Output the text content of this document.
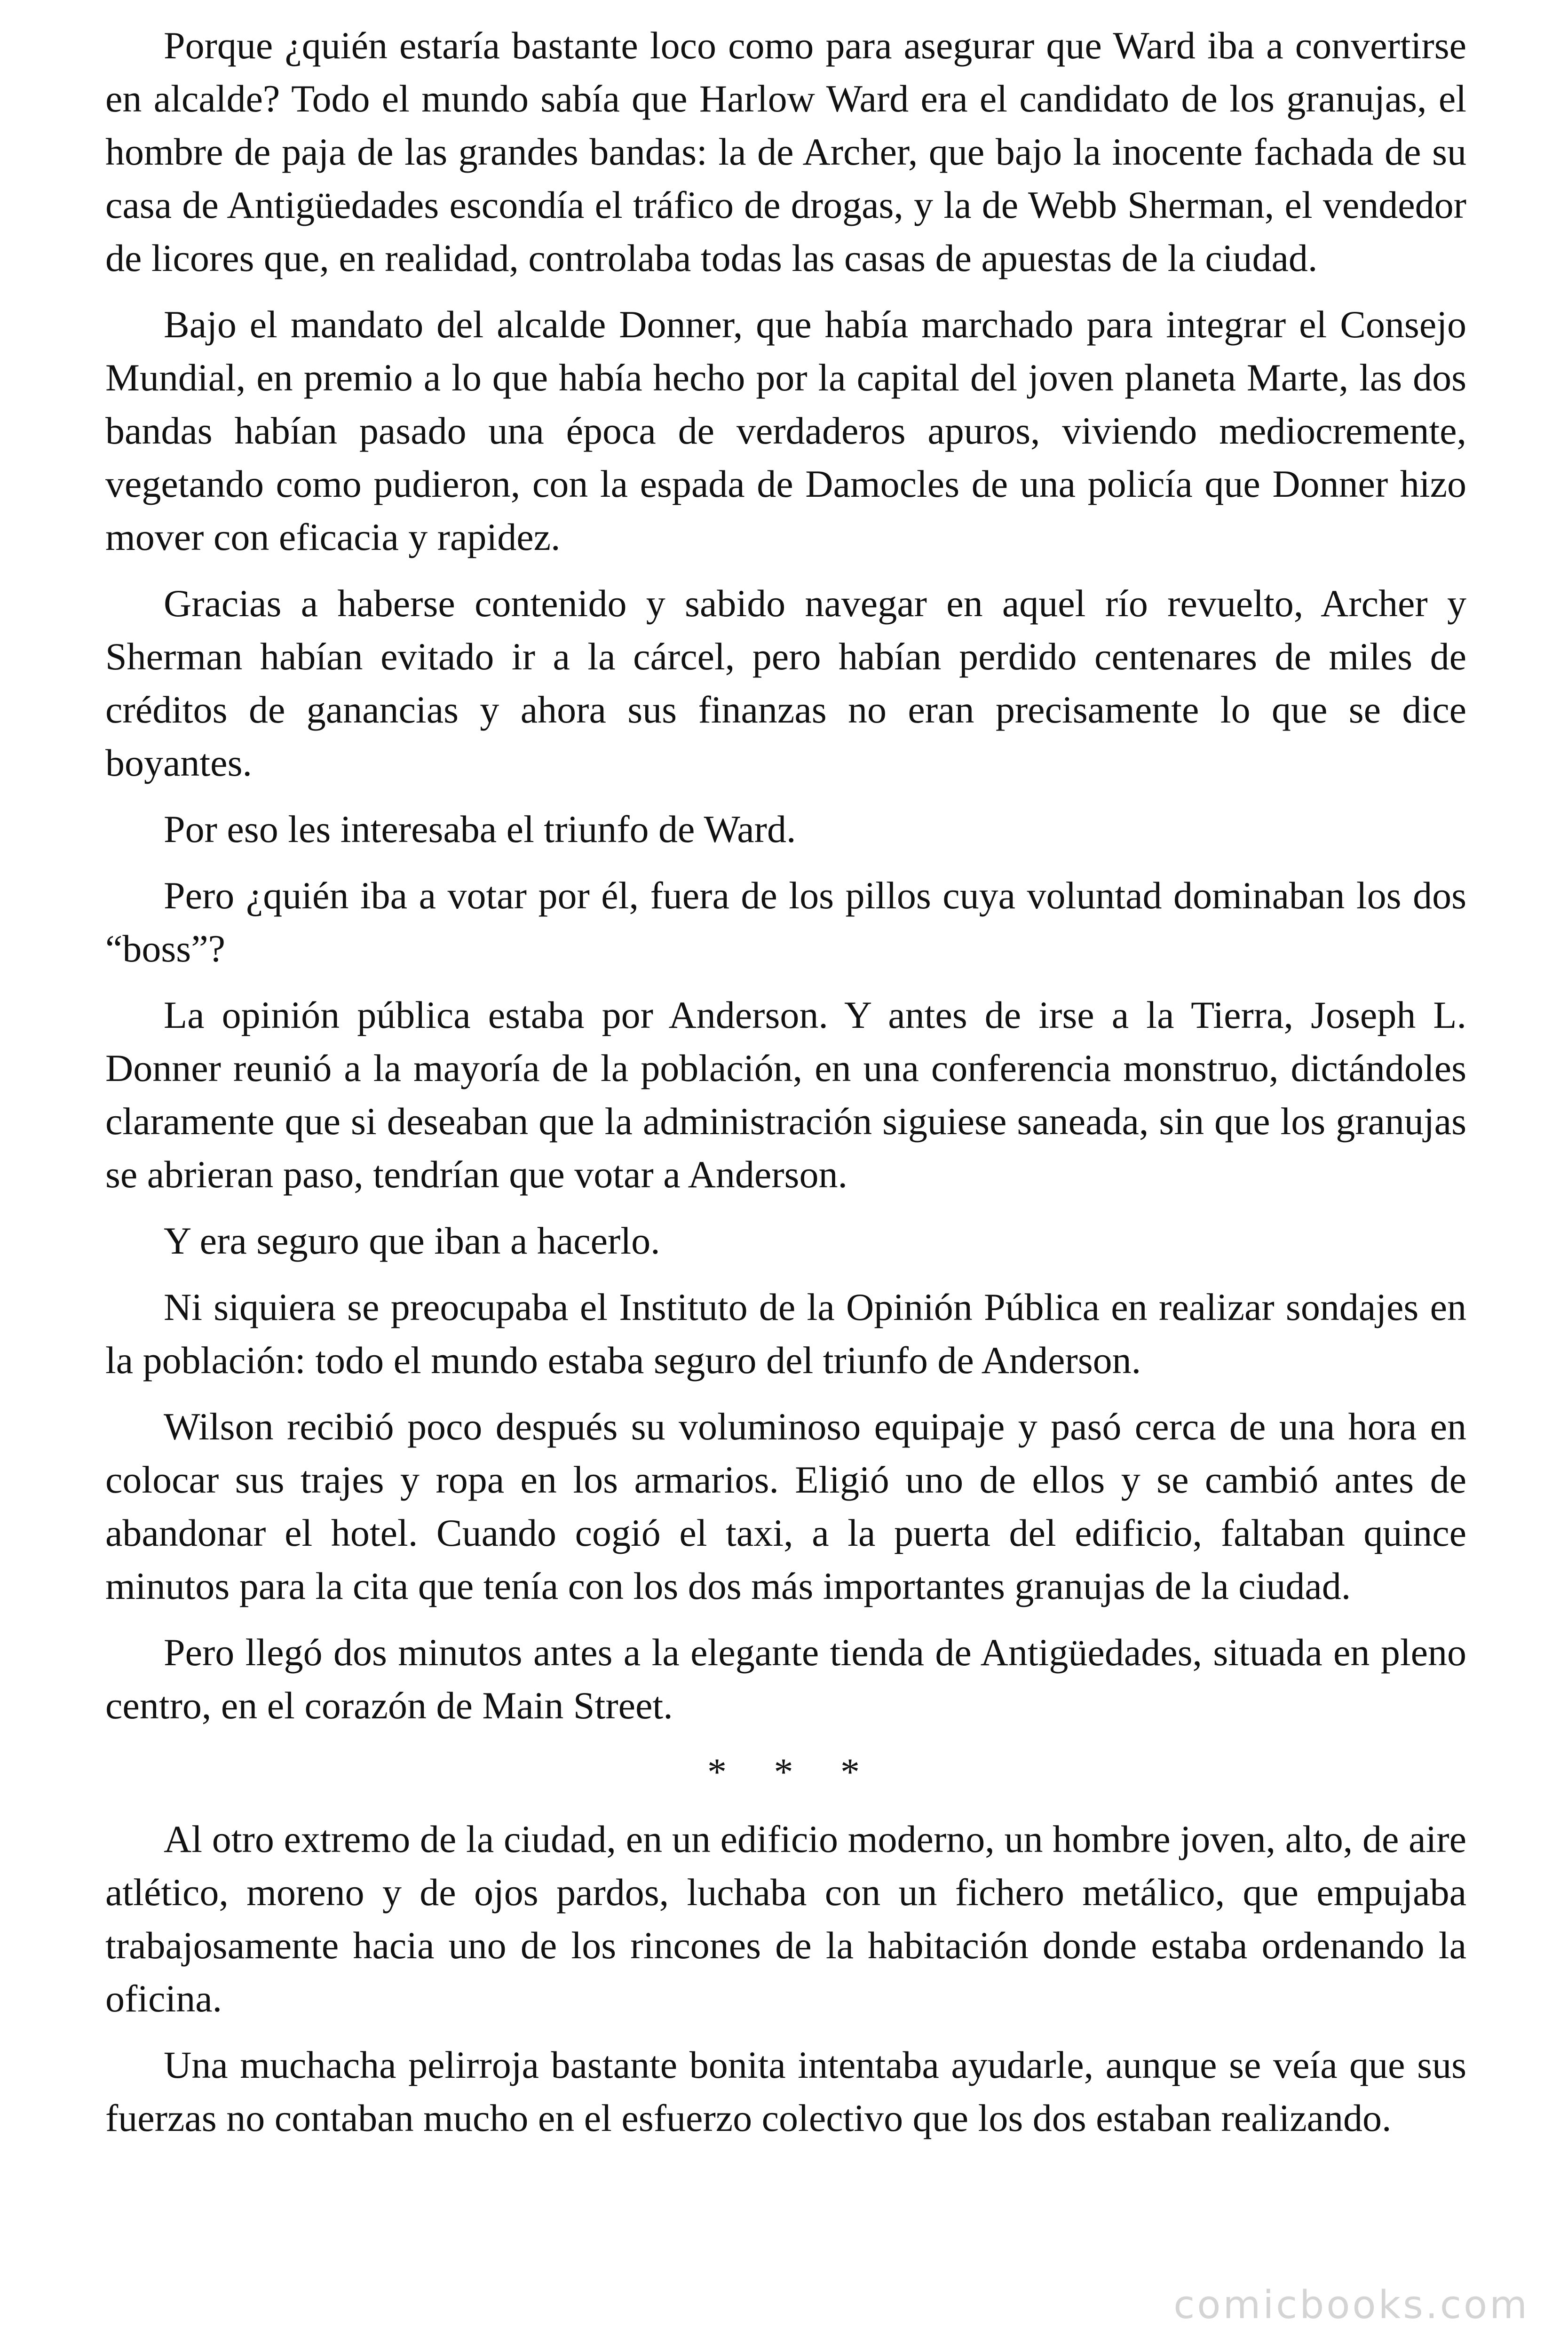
Porque ¿quién estaría bastante loco como para asegurar que Ward iba a convertirse en alcalde? Todo el mundo sabía que Harlow Ward era el candidato de los granujas, el hombre de paja de las grandes bandas: la de Archer, que bajo la inocente fachada de su casa de Antigüedades escondía el tráfico de drogas, y la de Webb Sherman, el vendedor de licores que, en realidad, controlaba todas las casas de apuestas de la ciudad.

Bajo el mandato del alcalde Donner, que había marchado para integrar el Consejo Mundial, en premio a lo que había hecho por la capital del joven planeta Marte, las dos bandas habían pasado una época de verdaderos apuros, viviendo mediocremente, vegetando como pudieron, con la espada de Damocles de una policía que Donner hizo mover con eficacia y rapidez.

Gracias a haberse contenido y sabido navegar en aquel río revuelto, Archer y Sherman habían evitado ir a la cárcel, pero habían perdido centenares de miles de créditos de ganancias y ahora sus finanzas no eran precisamente lo que se dice boyantes.

Por eso les interesaba el triunfo de Ward.

Pero ¿quién iba a votar por él, fuera de los pillos cuya voluntad dominaban los dos “boss”?

La opinión pública estaba por Anderson. Y antes de irse a la Tierra, Joseph L. Donner reunió a la mayoría de la población, en una conferencia monstruo, dictándoles claramente que si deseaban que la administración siguiese saneada, sin que los granujas se abrieran paso, tendrían que votar a Anderson.

Y era seguro que iban a hacerlo.

Ni siquiera se preocupaba el Instituto de la Opinión Pública en realizar sondajes en la población: todo el mundo estaba seguro del triunfo de Anderson.

Wilson recibió poco después su voluminoso equipaje y pasó cerca de una hora en colocar sus trajes y ropa en los armarios. Eligió uno de ellos y se cambió antes de abandonar el hotel. Cuando cogió el taxi, a la puerta del edificio, faltaban quince minutos para la cita que tenía con los dos más importantes granujas de la ciudad.

Pero llegó dos minutos antes a la elegante tienda de Antigüedades, situada en pleno centro, en el corazón de Main Street.

* * *

Al otro extremo de la ciudad, en un edificio moderno, un hombre joven, alto, de aire atlético, moreno y de ojos pardos, luchaba con un fichero metálico, que empujaba trabajosamente hacia uno de los rincones de la habitación donde estaba ordenando la oficina.

Una muchacha pelirroja bastante bonita intentaba ayudarle, aunque se veía que sus fuerzas no contaban mucho en el esfuerzo colectivo que los dos estaban realizando.

comicbooks.com
